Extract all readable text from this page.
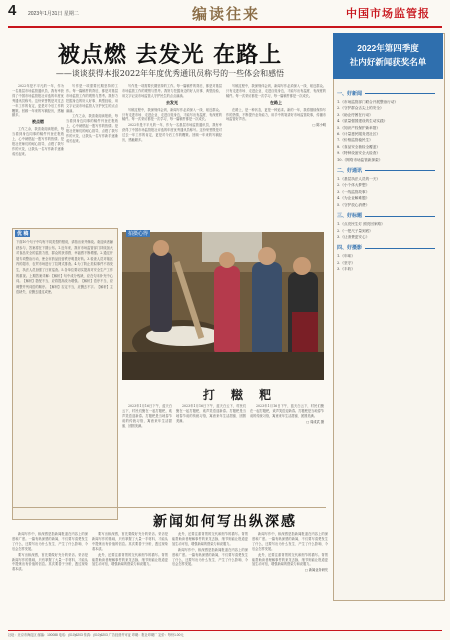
4 2023年1月31日 星期二	编读往来	中国市场监管报
被点燃 去发光 在路上
——谈谈获得本报2022年年度优秀通讯员称号的一些体会和感悟

2022年是不平凡的一年，作为一名基层市场监管通讯员，我有幸获得了中国市场监管报社评选的年度优秀通讯员称号。这份荣誉既是对过去一年工作的肯定，更是对今后工作的鞭策。回顾一年来的写稿经历，感触颇多。

被点燃

工作之余，我喜欢阅读报纸，每当看到身边同事的稿件刊登在报纸上，心中就燃起一股写作的热情。是报社老师们的耐心指导，点燃了我写作的火花，让我从一名写作新手逐渐成长起来。

写作是一项需要长期坚持的工作。每一篇稿件的背后，都是对基层市场监管工作的观察与思考。我努力挖掘身边的好人好事、典型经验，用文字记录市场监管人守护民生的点点滴滴。

工作之余，我喜欢阅读报纸，每当看到身边同事的稿件刊登在报纸上，心中就燃起一股写作的热情。是报社老师们的耐心指导，点燃了我写作的火花，让我从一名写作新手逐渐成长起来。

写作是一项需要长期坚持的工作。每一篇稿件的背后，都是对基层市场监管工作的观察与思考。我努力挖掘身边的好人好事、典型经验，用文字记录市场监管人守护民生的点点滴滴。

去发光

写稿过程中，我深刻体会到，新闻写作必须深入一线、贴近群众。只有走进市场、走进企业、走进百姓身边，才能写出有温度、有深度的稿件。每一次采访都是一次学习，每一篇稿件都是一次成长。

2022年是不平凡的一年，作为一名基层市场监管通讯员，我有幸获得了中国市场监管报社评选的年度优秀通讯员称号。这份荣誉既是对过去一年工作的肯定，更是对今后工作的鞭策。回顾一年来的写稿经历，感触颇多。

写稿过程中，我深刻体会到，新闻写作必须深入一线、贴近群众。只有走进市场、走进企业、走进百姓身边，才能写出有温度、有深度的稿件。每一次采访都是一次学习，每一篇稿件都是一次成长。

在路上

在路上，是一种状态，更是一种追求。新的一年，我将继续保持写作的热情，不断提升业务能力，用手中的笔讲好市场监管故事，传播市场监管好声音。

□ 陈小明
优 稿
下面10个句子中均有不同类型的错误，请指出来并修改。欢迎读者踊跃参与，答案将在下期公布。1.近年来，我市市场监管部门持续加大对食品安全的监管力度，群众的获得感、幸福感不断增强。2.通过开展专项整治行动，使全市药品经营秩序明显好转。3.检查人员对辖区内的超市、农贸市场进行了拉网式排查。4.为了防止类似事件不再发生，执法人员加强了日常巡查。5.各单位要切实提高对安全生产工作的重视。上期答案详解：【解析】句中成分残缺，应在句末补充中心词。【解析】搭配不当，应将提高改为增强。【解析】语序不当，应调整并列词语的顺序。【解析】否定不当，应删去不字。【解析】主语缺失，应删去通过或使。
拍摄心得
打 糍 粑

2023年1月16日下午，蓝天白云下，村民们聚在一起打糍粑，欢声笑语迎新春。打糍粑是当地春节前的传统习俗，寓意来年生活甜蜜、团圆美满。

2023年1月16日下午，蓝天白云下，村民们聚在一起打糍粑，欢声笑语迎新春。打糍粑是当地春节前的传统习俗，寓意来年生活甜蜜、团圆美满。

2023年1月16日下午，蓝天白云下，村民们聚在一起打糍粑，欢声笑语迎新春。打糍粑是当地春节前的传统习俗，寓意来年生活甜蜜、团圆美满。

□ 周成武 摄
新闻如何写出纵深感

新闻写作中，纵深感是指新闻报道在内容上的深度和广度。一篇有纵深感的新闻，不仅要写清楚发生了什么，还要写出为什么发生、产生了什么影响、今后会怎样发展。

要写出纵深感，首先要做好充分的采访。采访是新闻写作的基础，只有掌握了大量一手材料，才能从中提炼出有价值的信息。其次要善于分析，透过现象看本质。

要写出纵深感，首先要做好充分的采访。采访是新闻写作的基础，只有掌握了大量一手材料，才能从中提炼出有价值的信息。其次要善于分析，透过现象看本质。

此外，还要注重背景的交代和细节的描写。背景能帮助读者理解事件的来龙去脉，细节则能让报道更加生动可信，增强新闻的感染力和说服力。

此外，还要注重背景的交代和细节的描写。背景能帮助读者理解事件的来龙去脉，细节则能让报道更加生动可信，增强新闻的感染力和说服力。

新闻写作中，纵深感是指新闻报道在内容上的深度和广度。一篇有纵深感的新闻，不仅要写清楚发生了什么，还要写出为什么发生、产生了什么影响、今后会怎样发展。

新闻写作中，纵深感是指新闻报道在内容上的深度和广度。一篇有纵深感的新闻，不仅要写清楚发生了什么，还要写出为什么发生、产生了什么影响、今后会怎样发展。

此外，还要注重背景的交代和细节的描写。背景能帮助读者理解事件的来龙去脉，细节则能让报道更加生动可信，增强新闻的感染力和说服力。

□ 新闻业务研究
2022年第四季度
社内好新闻获奖名单
一、好新闻
1.《市场监管部门联合开展整治行动》
2.《守护群众舌尖上的安全》
3.《助企纾困在行动》
4.《质量强国建设的生动实践》
5.《知识产权保护新举措》
6.《计量惠民服务进社区》
7.《价格监管稳民生》
8.《食品安全抽检全覆盖》
9.《特种设备安全大检查》
10.《网络市场监管新探索》
二、好通讯
1.《基层执法人员的一天》
2.《小个体大梦想》
3.《一线监管故事》
4.《为企业解难题》
5.《守护放心消费》
三、好标题
1.《点亮民生灯 照亮回家路》
2.《一把尺子量到底》
3.《让消费更安心》
四、好摄影
1.《年味》
2.《坚守》
3.《丰收》
社址：北京市海淀区 邮编：100088 电话：(010)6203 传真：(010)6203 广告经营许可证 印刷：报社印刷厂 定价：每份1.00元
